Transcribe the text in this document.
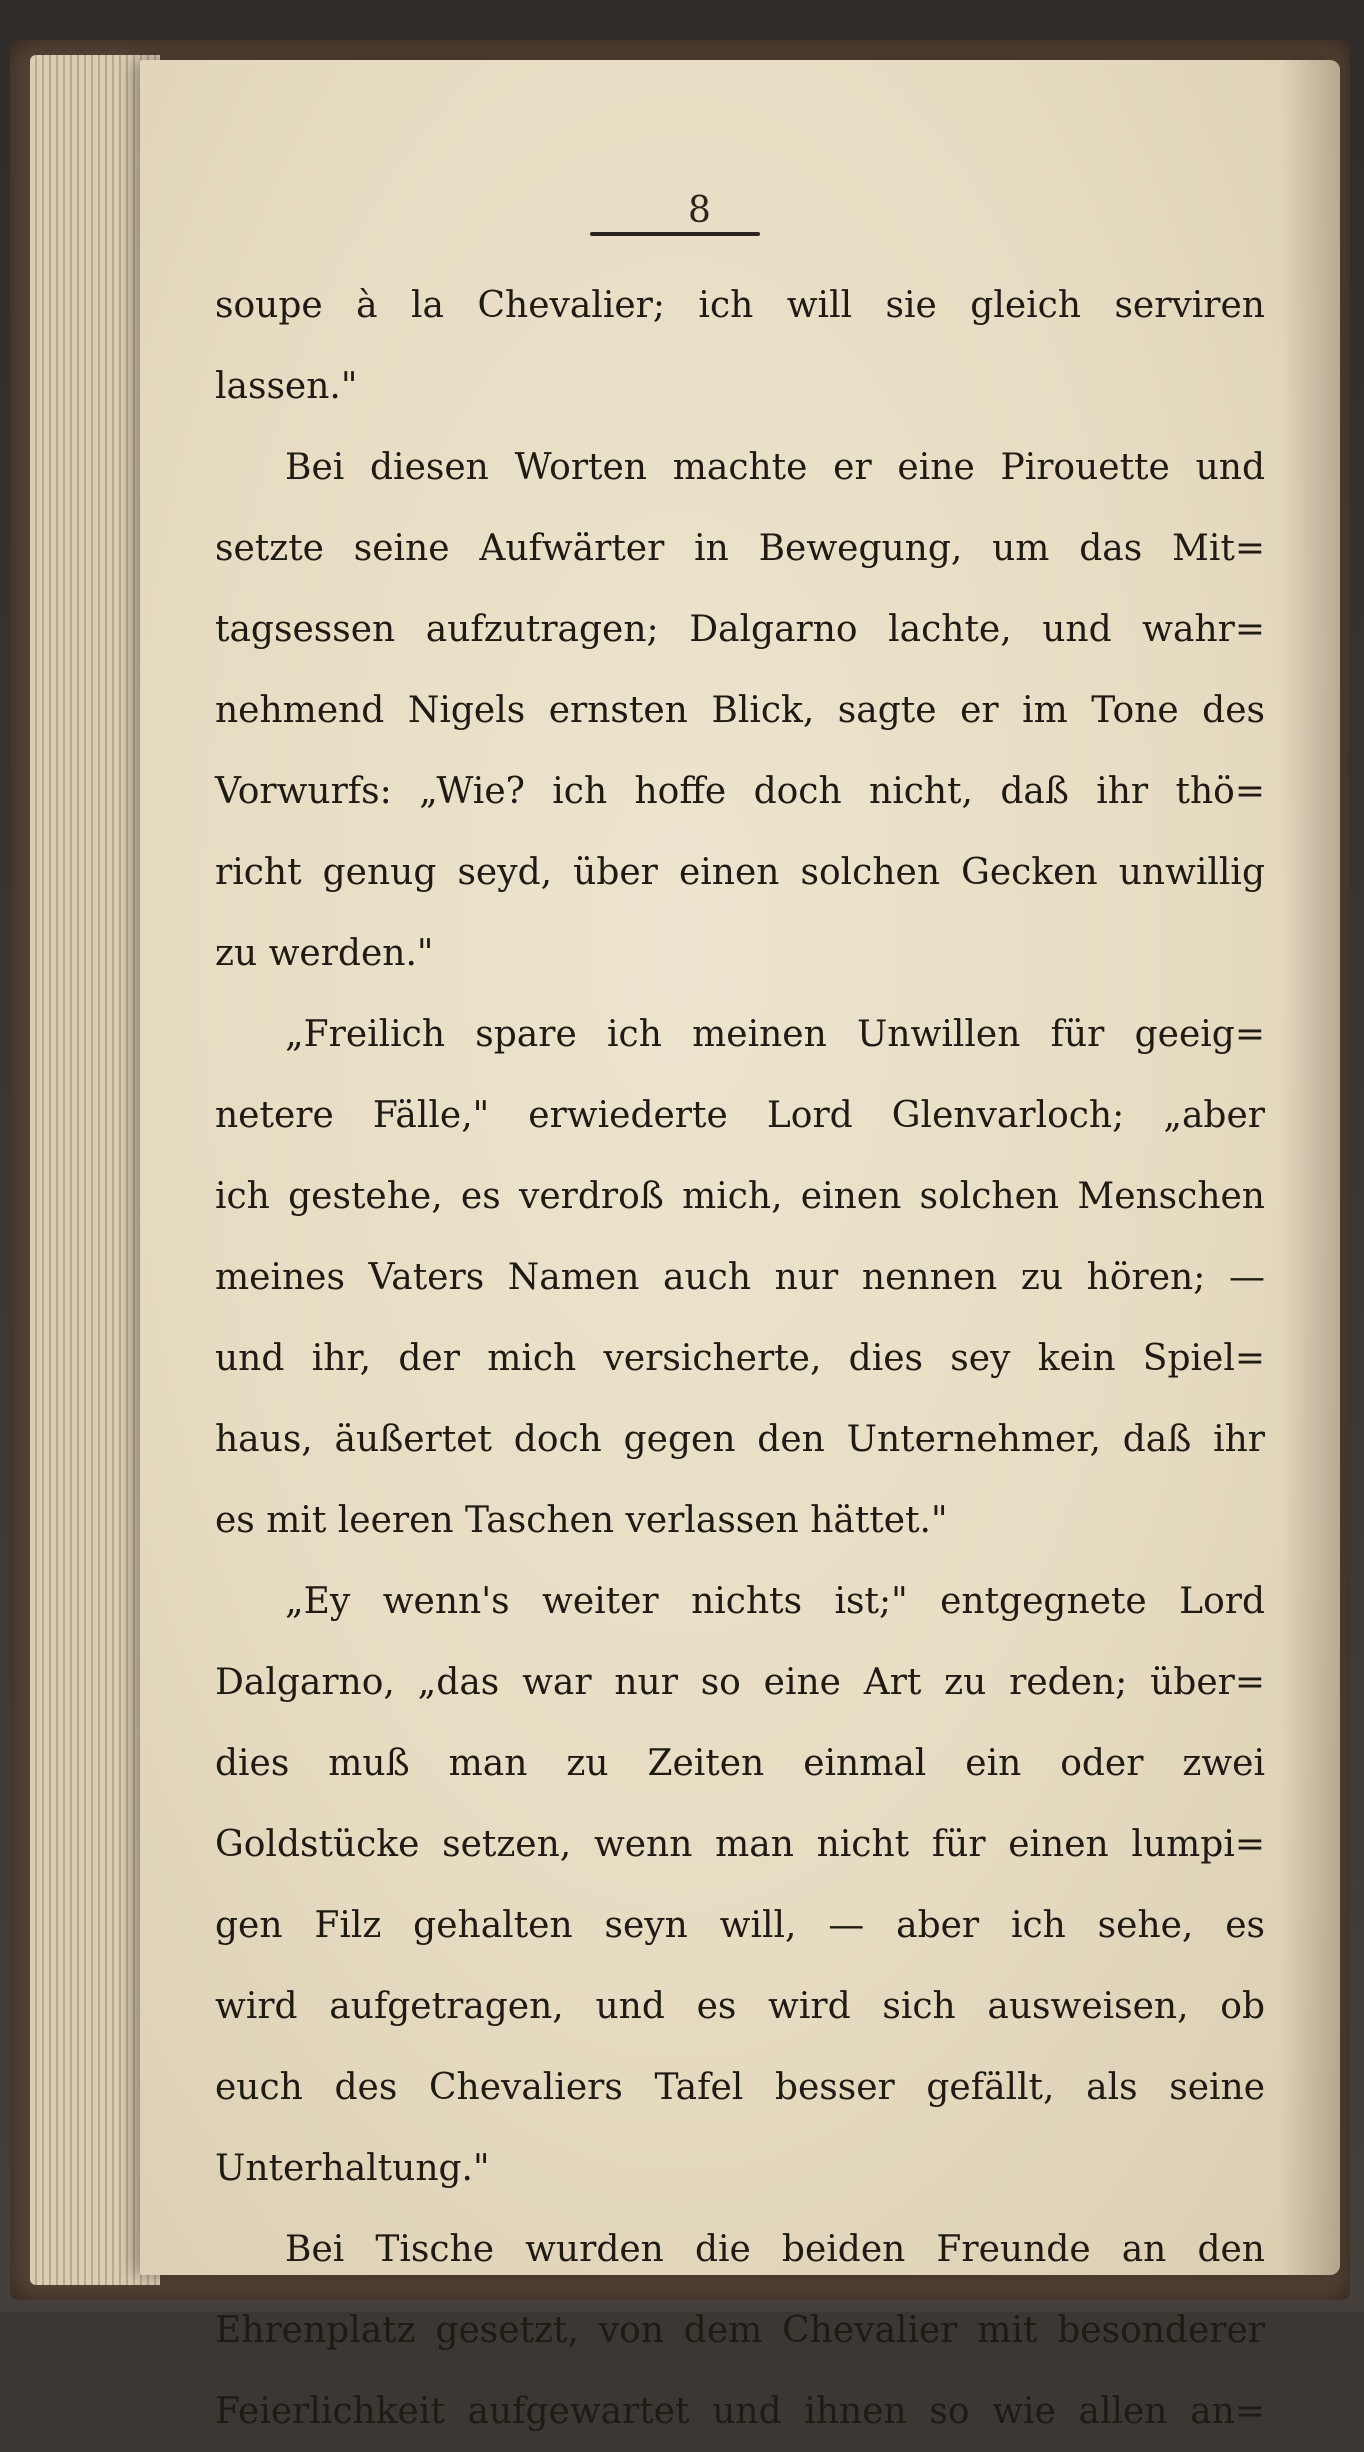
8
soupe à la Chevalier; ich will sie gleich serviren
lassen."
Bei diesen Worten machte er eine Pirouette und
setzte seine Aufwärter in Bewegung, um das Mit=
tagsessen aufzutragen; Dalgarno lachte, und wahr=
nehmend Nigels ernsten Blick, sagte er im Tone des
Vorwurfs: „Wie? ich hoffe doch nicht, daß ihr thö=
richt genug seyd, über einen solchen Gecken unwillig
zu werden."
„Freilich spare ich meinen Unwillen für geeig=
netere Fälle," erwiederte Lord Glenvarloch; „aber
ich gestehe, es verdroß mich, einen solchen Menschen
meines Vaters Namen auch nur nennen zu hören; —
und ihr, der mich versicherte, dies sey kein Spiel=
haus, äußertet doch gegen den Unternehmer, daß ihr
es mit leeren Taschen verlassen hättet."
„Ey wenn's weiter nichts ist;" entgegnete Lord
Dalgarno, „das war nur so eine Art zu reden; über=
dies muß man zu Zeiten einmal ein oder zwei
Goldstücke setzen, wenn man nicht für einen lumpi=
gen Filz gehalten seyn will, — aber ich sehe, es
wird aufgetragen, und es wird sich ausweisen, ob
euch des Chevaliers Tafel besser gefällt, als seine
Unterhaltung."
Bei Tische wurden die beiden Freunde an den
Ehrenplatz gesetzt, von dem Chevalier mit besonderer
Feierlichkeit aufgewartet und ihnen so wie allen an=
